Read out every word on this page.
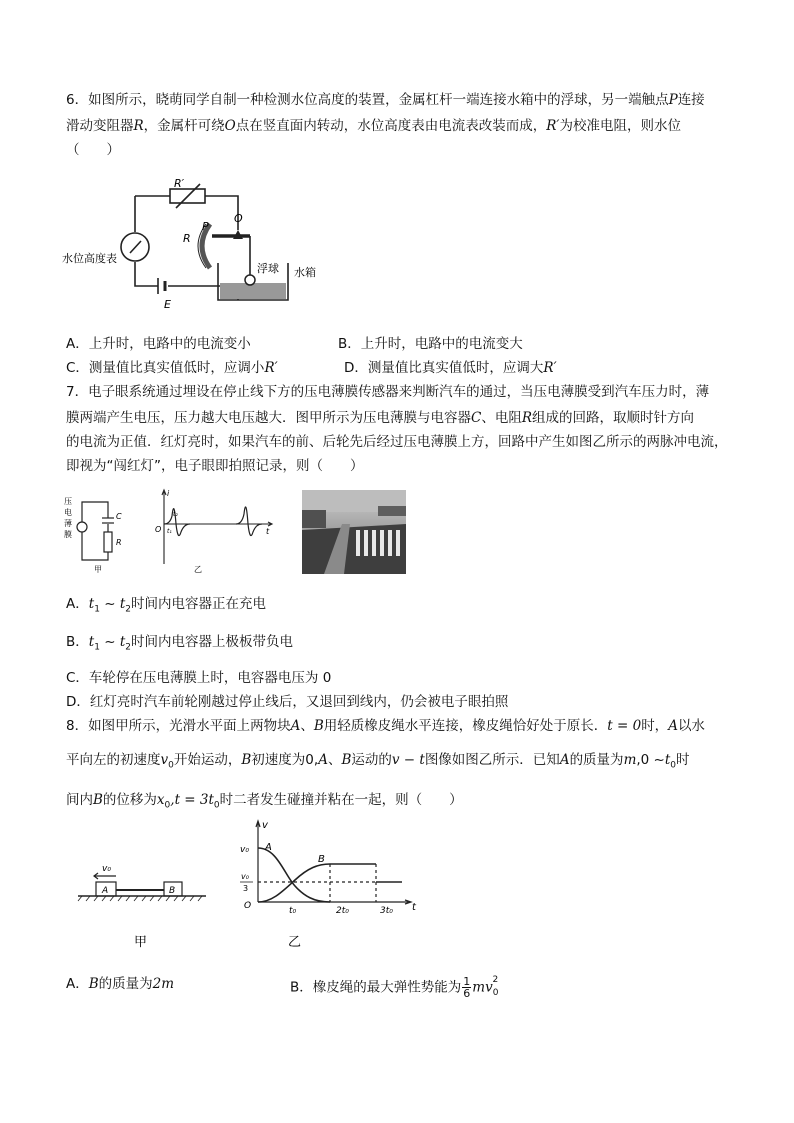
6．如图所示，晓萌同学自制一种检测水位高度的装置，金属杠杆一端连接水箱中的浮球，另一端触点P连接
滑动变阻器R，金属杆可绕O点在竖直面内转动，水位高度表由电流表改装而成，R′为校准电阻，则水位
（　　）
R′
P
O
R
水位高度表
E
浮球 水箱
A．上升时，电路中的电流变小	B．上升时，电路中的电流变大
C．测量值比真实值低时，应调小R′	D．测量值比真实值低时，应调大R′
7．电子眼系统通过埋设在停止线下方的压电薄膜传感器来判断汽车的通过，当压电薄膜受到汽车压力时，薄
膜两端产生电压，压力越大电压越大．图甲所示为压电薄膜与电容器C、电阻R组成的回路，取顺时针方向
的电流为正值．红灯亮时，如果汽车的前、后轮先后经过压电薄膜上方，回路中产生如图乙所示的两脉冲电流，
即视为“闯红灯”，电子眼即拍照记录，则（　　）
压
电
薄
膜
C
R
甲
i
t
O t₁
t₂
乙
A．$t_1$ ~ $t_2$时间内电容器正在充电
B．$t_1$ ~ $t_2$时间内电容器上极板带负电
C．车轮停在压电薄膜上时，电容器电压为 0
D．红灯亮时汽车前轮刚越过停止线后，又退回到线内，仍会被电子眼拍照
8．如图甲所示，光滑水平面上两物块A、B用轻质橡皮绳水平连接，橡皮绳恰好处于原长．t = 0时，A以水
平向左的初速度$v_0$开始运动，B初速度为0,A、B运动的v − t图像如图乙所示．已知A的质量为m,0 $\sim t_0$时
间内B的位移为$x_0,t = 3t_0$时二者发生碰撞并粘在一起，则（　　）
v₀
A	B
甲
v
t
v₀
v₀
3
O	t₀	2t₀	3t₀
A
B
乙
A．B的质量为2m	B．橡皮绳的最大弹性势能为 $\frac{1}{6} mv_0^2$
